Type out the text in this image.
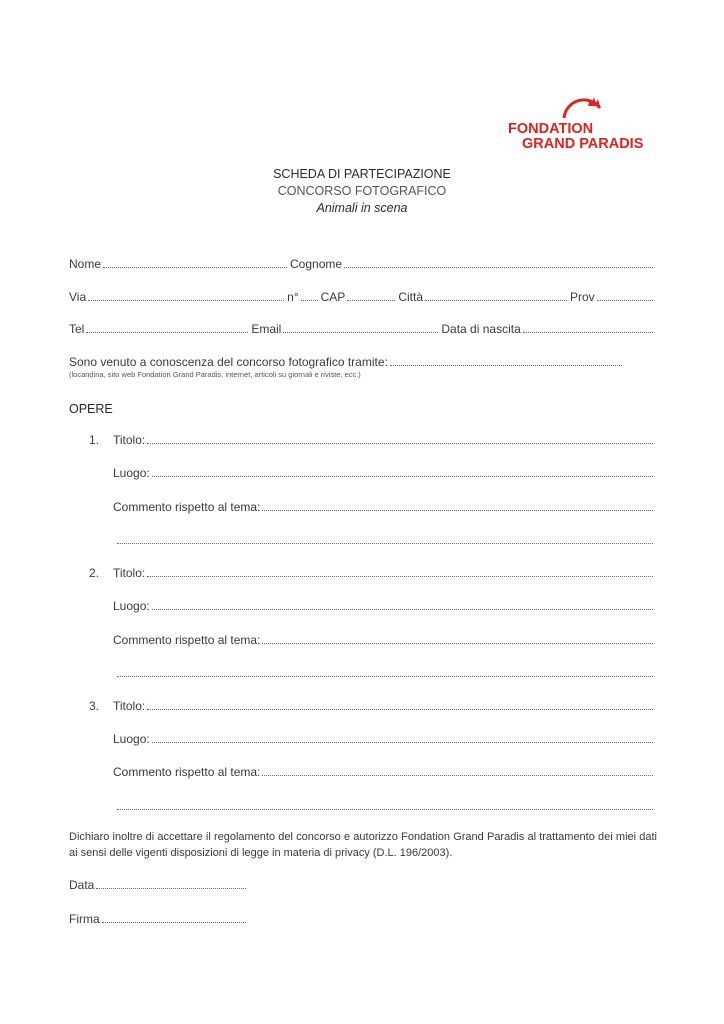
FONDATION
GRAND PARADIS
SCHEDA DI PARTECIPAZIONE
CONCORSO FOTOGRAFICO
Animali in scena
Nome	Cognome
Via	n° CAP	Città	Prov
Tel	Email	Data di nascita
Sono venuto a conoscenza del concorso fotografico tramite:
(locandina, sito web Fondation Grand Paradis, internet, articoli su giornali e riviste, ecc.)
OPERE
1. Titolo:
Luogo:
Commento rispetto al tema:
2. Titolo:
Luogo:
Commento rispetto al tema:
3. Titolo:
Luogo:
Commento rispetto al tema:
Dichiaro inoltre di accettare il regolamento del concorso e autorizzo Fondation Grand Paradis al trattamento dei miei dati ai sensi delle vigenti disposizioni di legge in materia di privacy (D.L. 196/2003).
Data
Firma
